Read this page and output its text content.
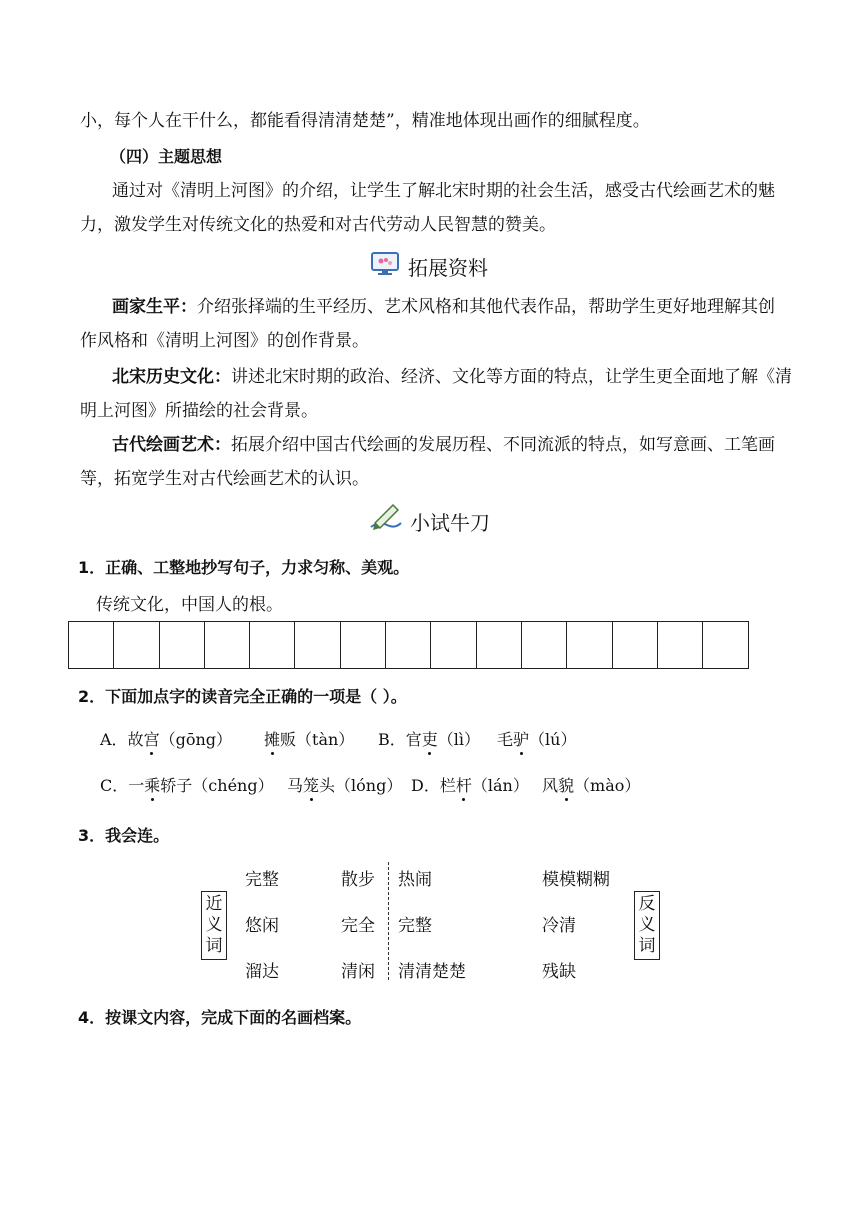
小，每个人在干什么，都能看得清清楚楚”，精准地体现出画作的细腻程度。
（四）主题思想
通过对《清明上河图》的介绍，让学生了解北宋时期的社会生活，感受古代绘画艺术的魅
力，激发学生对传统文化的热爱和对古代劳动人民智慧的赞美。
拓展资料
画家生平：介绍张择端的生平经历、艺术风格和其他代表作品，帮助学生更好地理解其创
作风格和《清明上河图》的创作背景。
北宋历史文化：讲述北宋时期的政治、经济、文化等方面的特点，让学生更全面地了解《清
明上河图》所描绘的社会背景。
古代绘画艺术：拓展介绍中国古代绘画的发展历程、不同流派的特点，如写意画、工笔画
等，拓宽学生对古代绘画艺术的认识。
小试牛刀
1．正确、工整地抄写句子，力求匀称、美观。
传统文化，中国人的根。
2．下面加点字的读音完全正确的一项是（ ）。
A．故宫（gōng） 摊贩（tàn） B．官吏（lì） 毛驴（lú）
C．一乘轿子（chéng） 马笼头（lóng） D．栏杆（lán） 风貌（mào）
3．我会连。
近
义
词
完整
悠闲
溜达
散步
完全
清闲
热闹
完整
清清楚楚
模模糊糊
冷清
残缺
反
义
词
4．按课文内容，完成下面的名画档案。
